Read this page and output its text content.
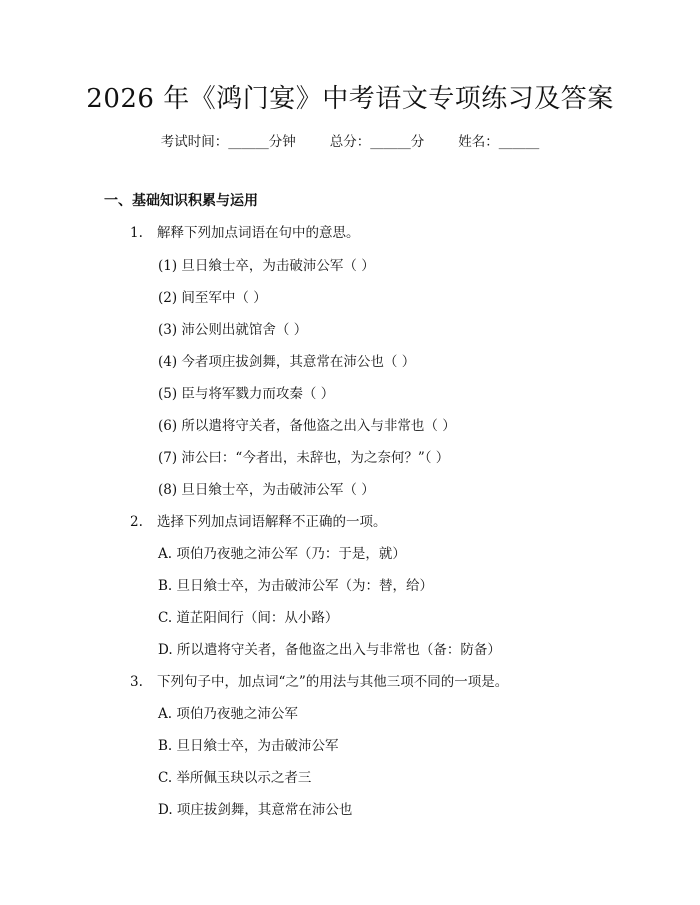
2026 年《鸿门宴》中考语文专项练习及答案
考试时间：______分钟	总分：______分	姓名：______
一、基础知识积累与运用
1. 解释下列加点词语在句中的意思。
(1) 旦日飨士卒，为击破沛公军（ ）
(2) 间至军中（ ）
(3) 沛公则出就馆舍（ ）
(4) 今者项庄拔剑舞，其意常在沛公也（ ）
(5) 臣与将军戮力而攻秦（ ）
(6) 所以遣将守关者，备他盗之出入与非常也（ ）
(7) 沛公曰：“今者出，未辞也，为之奈何？”（ ）
(8) 旦日飨士卒，为击破沛公军（ ）
2. 选择下列加点词语解释不正确的一项。
A. 项伯乃夜驰之沛公军（乃：于是，就）
B. 旦日飨士卒，为击破沛公军（为：替，给）
C. 道芷阳间行（间：从小路）
D. 所以遣将守关者，备他盗之出入与非常也（备：防备）
3. 下列句子中，加点词“之”的用法与其他三项不同的一项是。
A. 项伯乃夜驰之沛公军
B. 旦日飨士卒，为击破沛公军
C. 举所佩玉玦以示之者三
D. 项庄拔剑舞，其意常在沛公也
